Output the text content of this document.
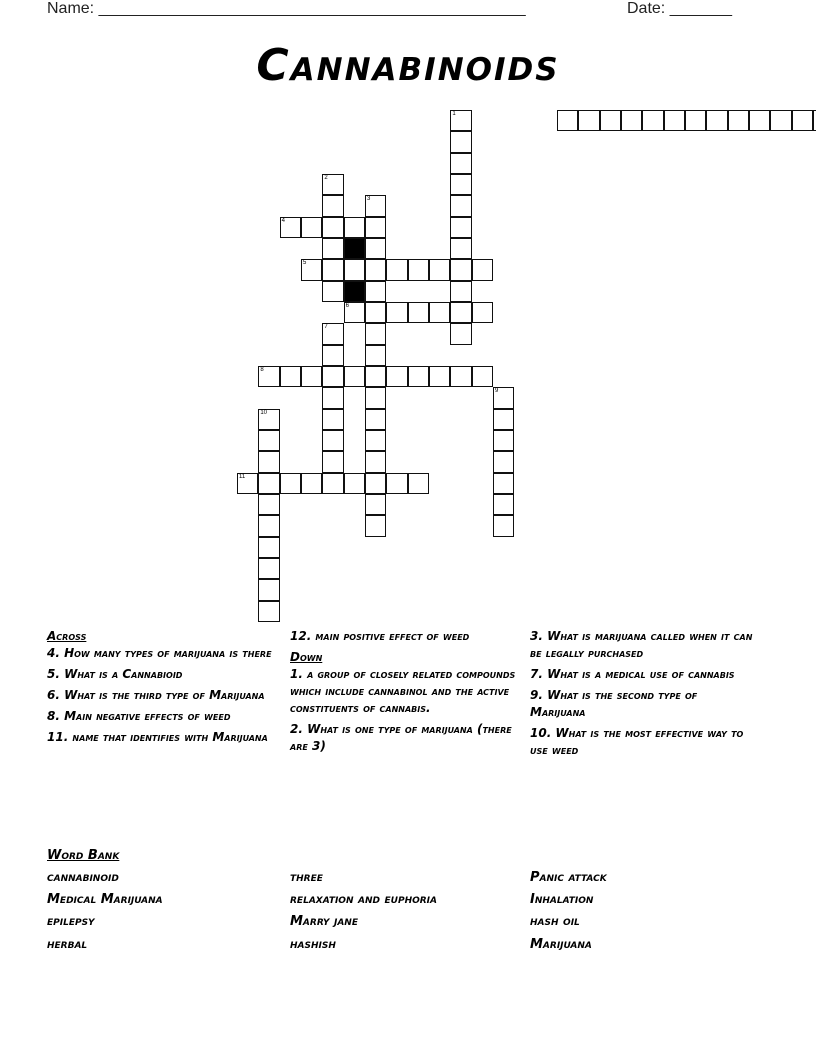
Name: ________________________________________________	Date: _______
Cannabinoids
1
2
3
4
5
6
7
8
9
10
11
Across
4. How many types of marijuana is there
5. What is a Cannabioid
6. What is the third type of Marijuana
8. Main negative effects of weed
11. name that identifies with Marijuana
12. main positive effect of weed
Down
1. a group of closely related compounds which include cannabinol and the active constituents of cannabis.
2. What is one type of marijuana (there are 3)
3. What is marijuana called when it can be legally purchased
7. What is a medical use of cannabis
9. What is the second type of Marijuana
10. What is the most effective way to use weed
Word Bank
cannabinoid	three	Panic attack
Medical Marijuana	relaxation and euphoria	Inhalation
epilepsy	Marry jane	hash oil
herbal	hashish	Marijuana
